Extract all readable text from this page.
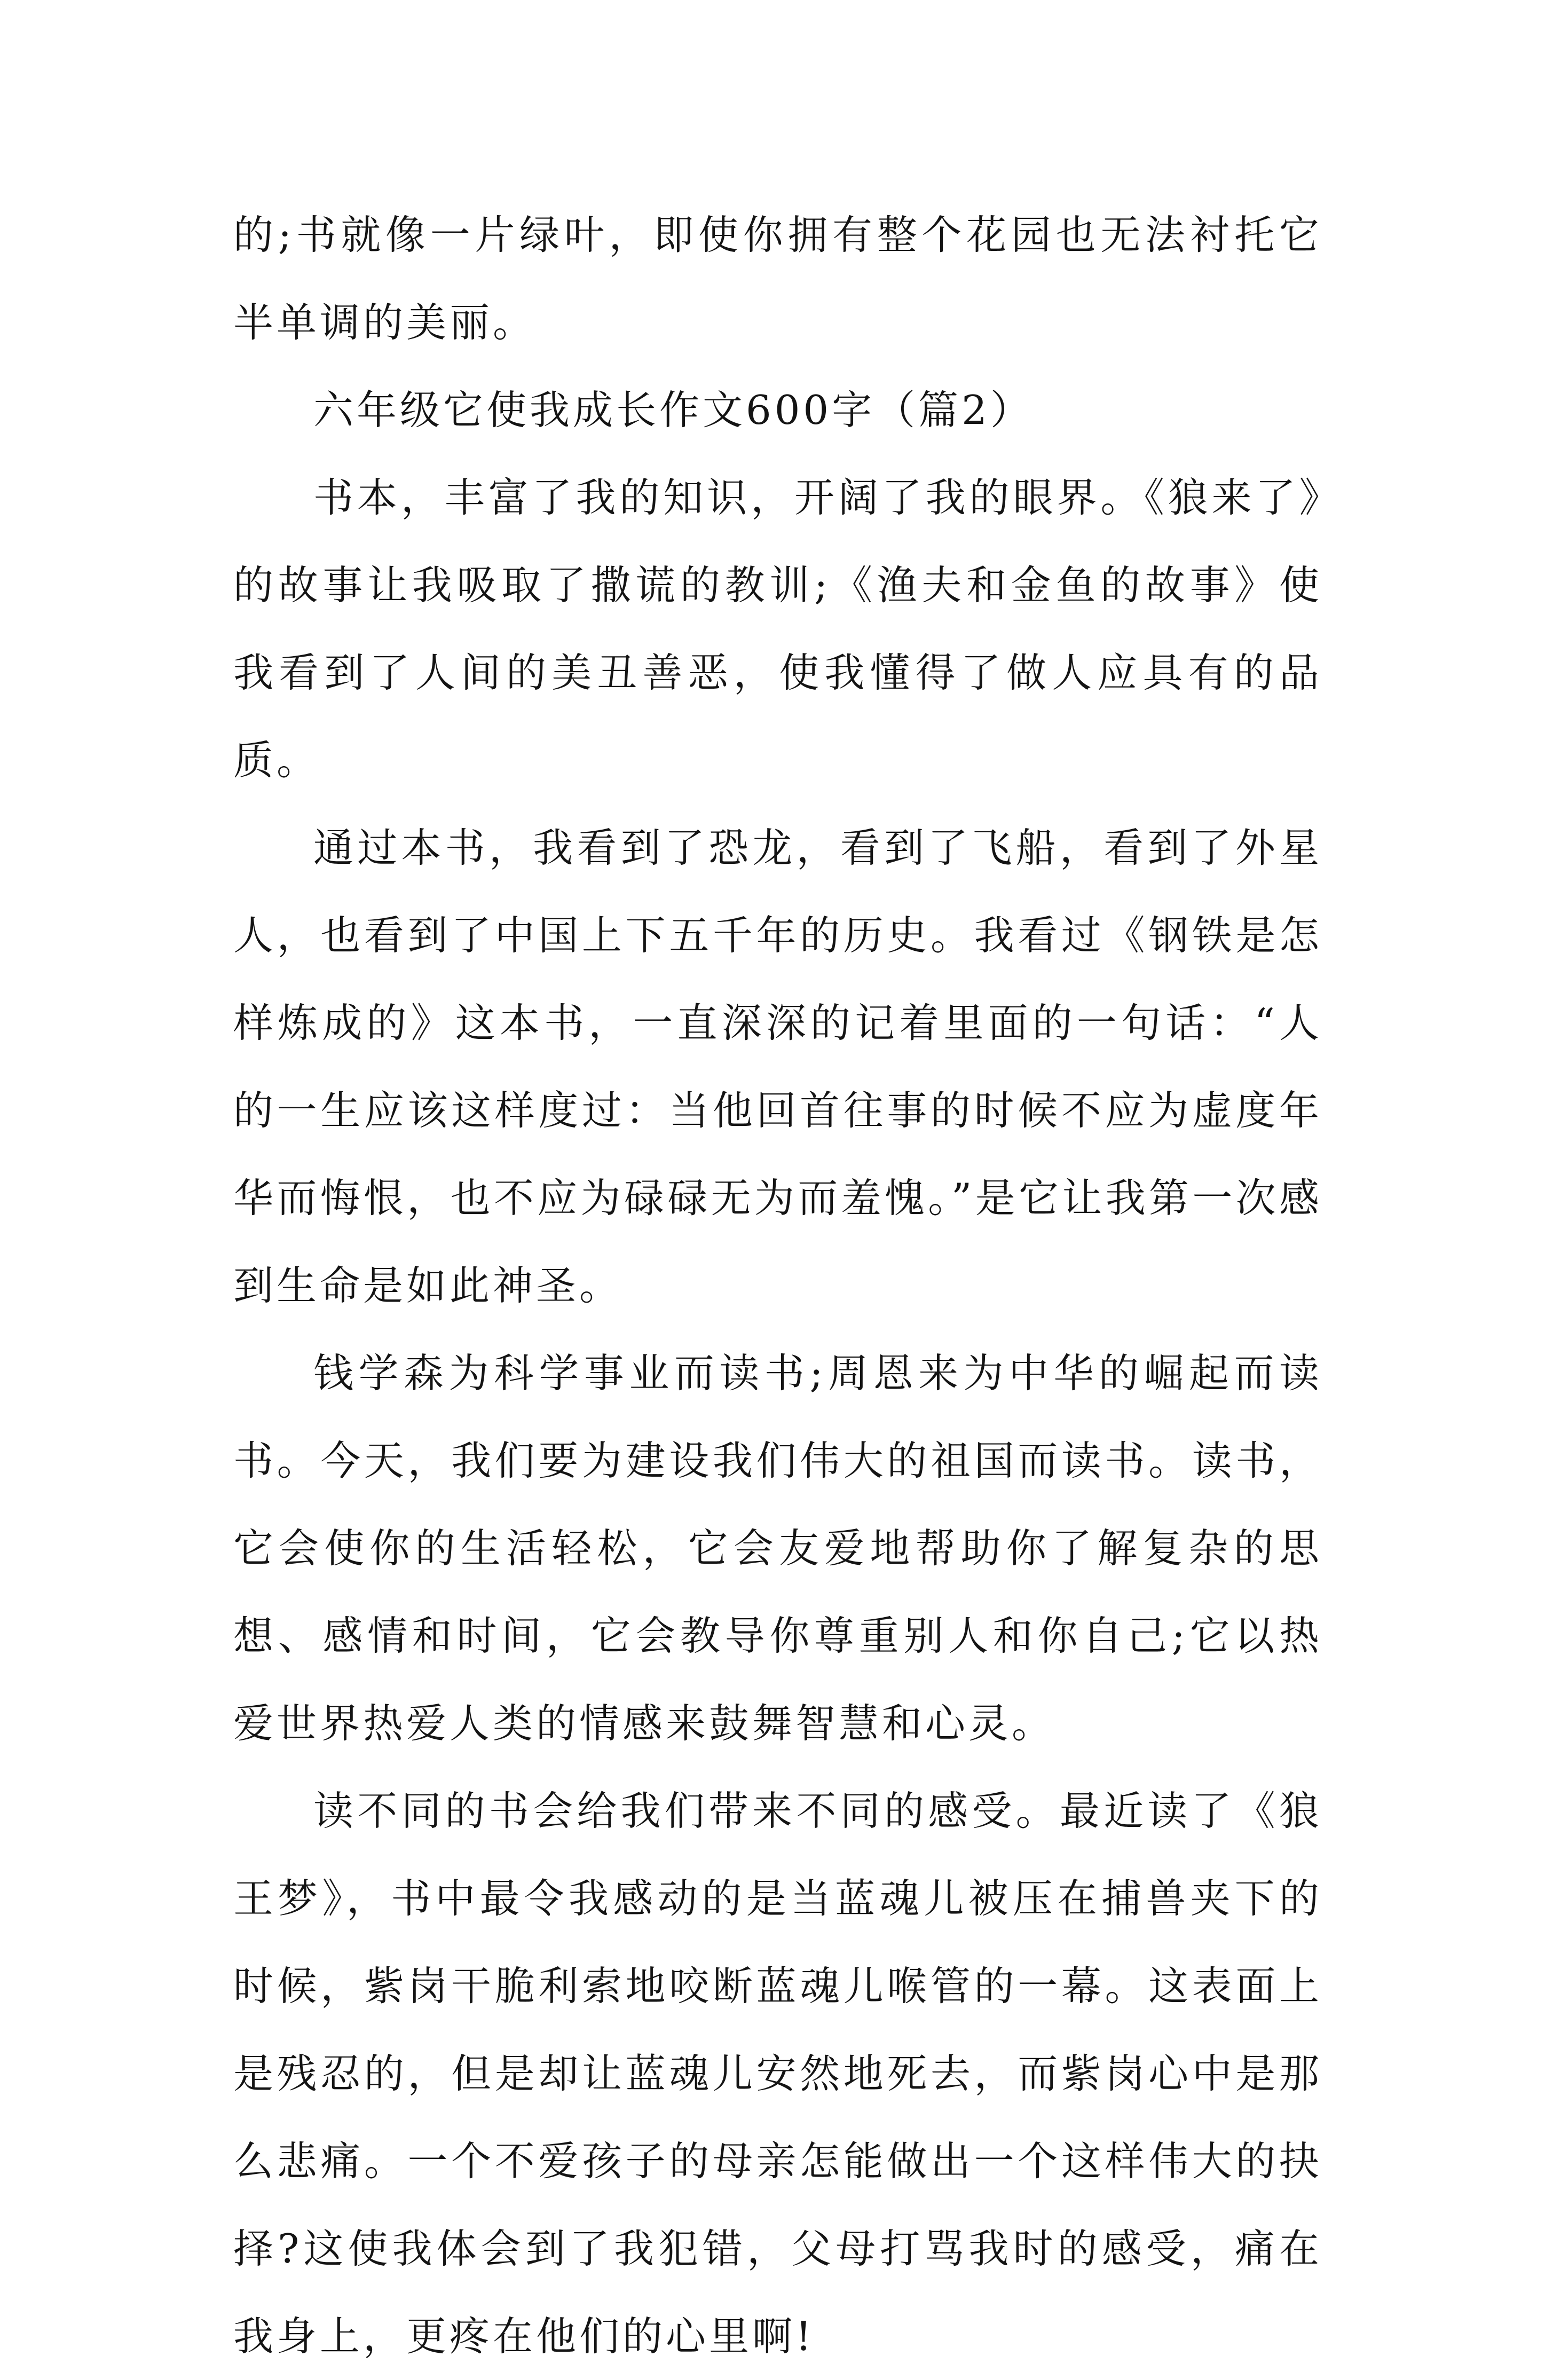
的;书就像一片绿叶，即使你拥有整个花园也无法衬托它半单调的美丽。

六年级它使我成长作文600字（篇2）

书本，丰富了我的知识，开阔了我的眼界。《狼来了》的故事让我吸取了撒谎的教训;《渔夫和金鱼的故事》使我看到了人间的美丑善恶，使我懂得了做人应具有的品质。

通过本书，我看到了恐龙，看到了飞船，看到了外星人，也看到了中国上下五千年的历史。我看过《钢铁是怎样炼成的》这本书，一直深深的记着里面的一句话：“人的一生应该这样度过：当他回首往事的时候不应为虚度年华而悔恨，也不应为碌碌无为而羞愧。”是它让我第一次感到生命是如此神圣。

钱学森为科学事业而读书;周恩来为中华的崛起而读书。今天，我们要为建设我们伟大的祖国而读书。读书，它会使你的生活轻松，它会友爱地帮助你了解复杂的思想、感情和时间，它会教导你尊重别人和你自己;它以热爱世界热爱人类的情感来鼓舞智慧和心灵。

读不同的书会给我们带来不同的感受。最近读了《狼王梦》，书中最令我感动的是当蓝魂儿被压在捕兽夹下的时候，紫岗干脆利索地咬断蓝魂儿喉管的一幕。这表面上是残忍的，但是却让蓝魂儿安然地死去，而紫岗心中是那么悲痛。一个不爱孩子的母亲怎能做出一个这样伟大的抉择?这使我体会到了我犯错，父母打骂我时的感受，痛在我身上，更疼在他们的心里啊!
